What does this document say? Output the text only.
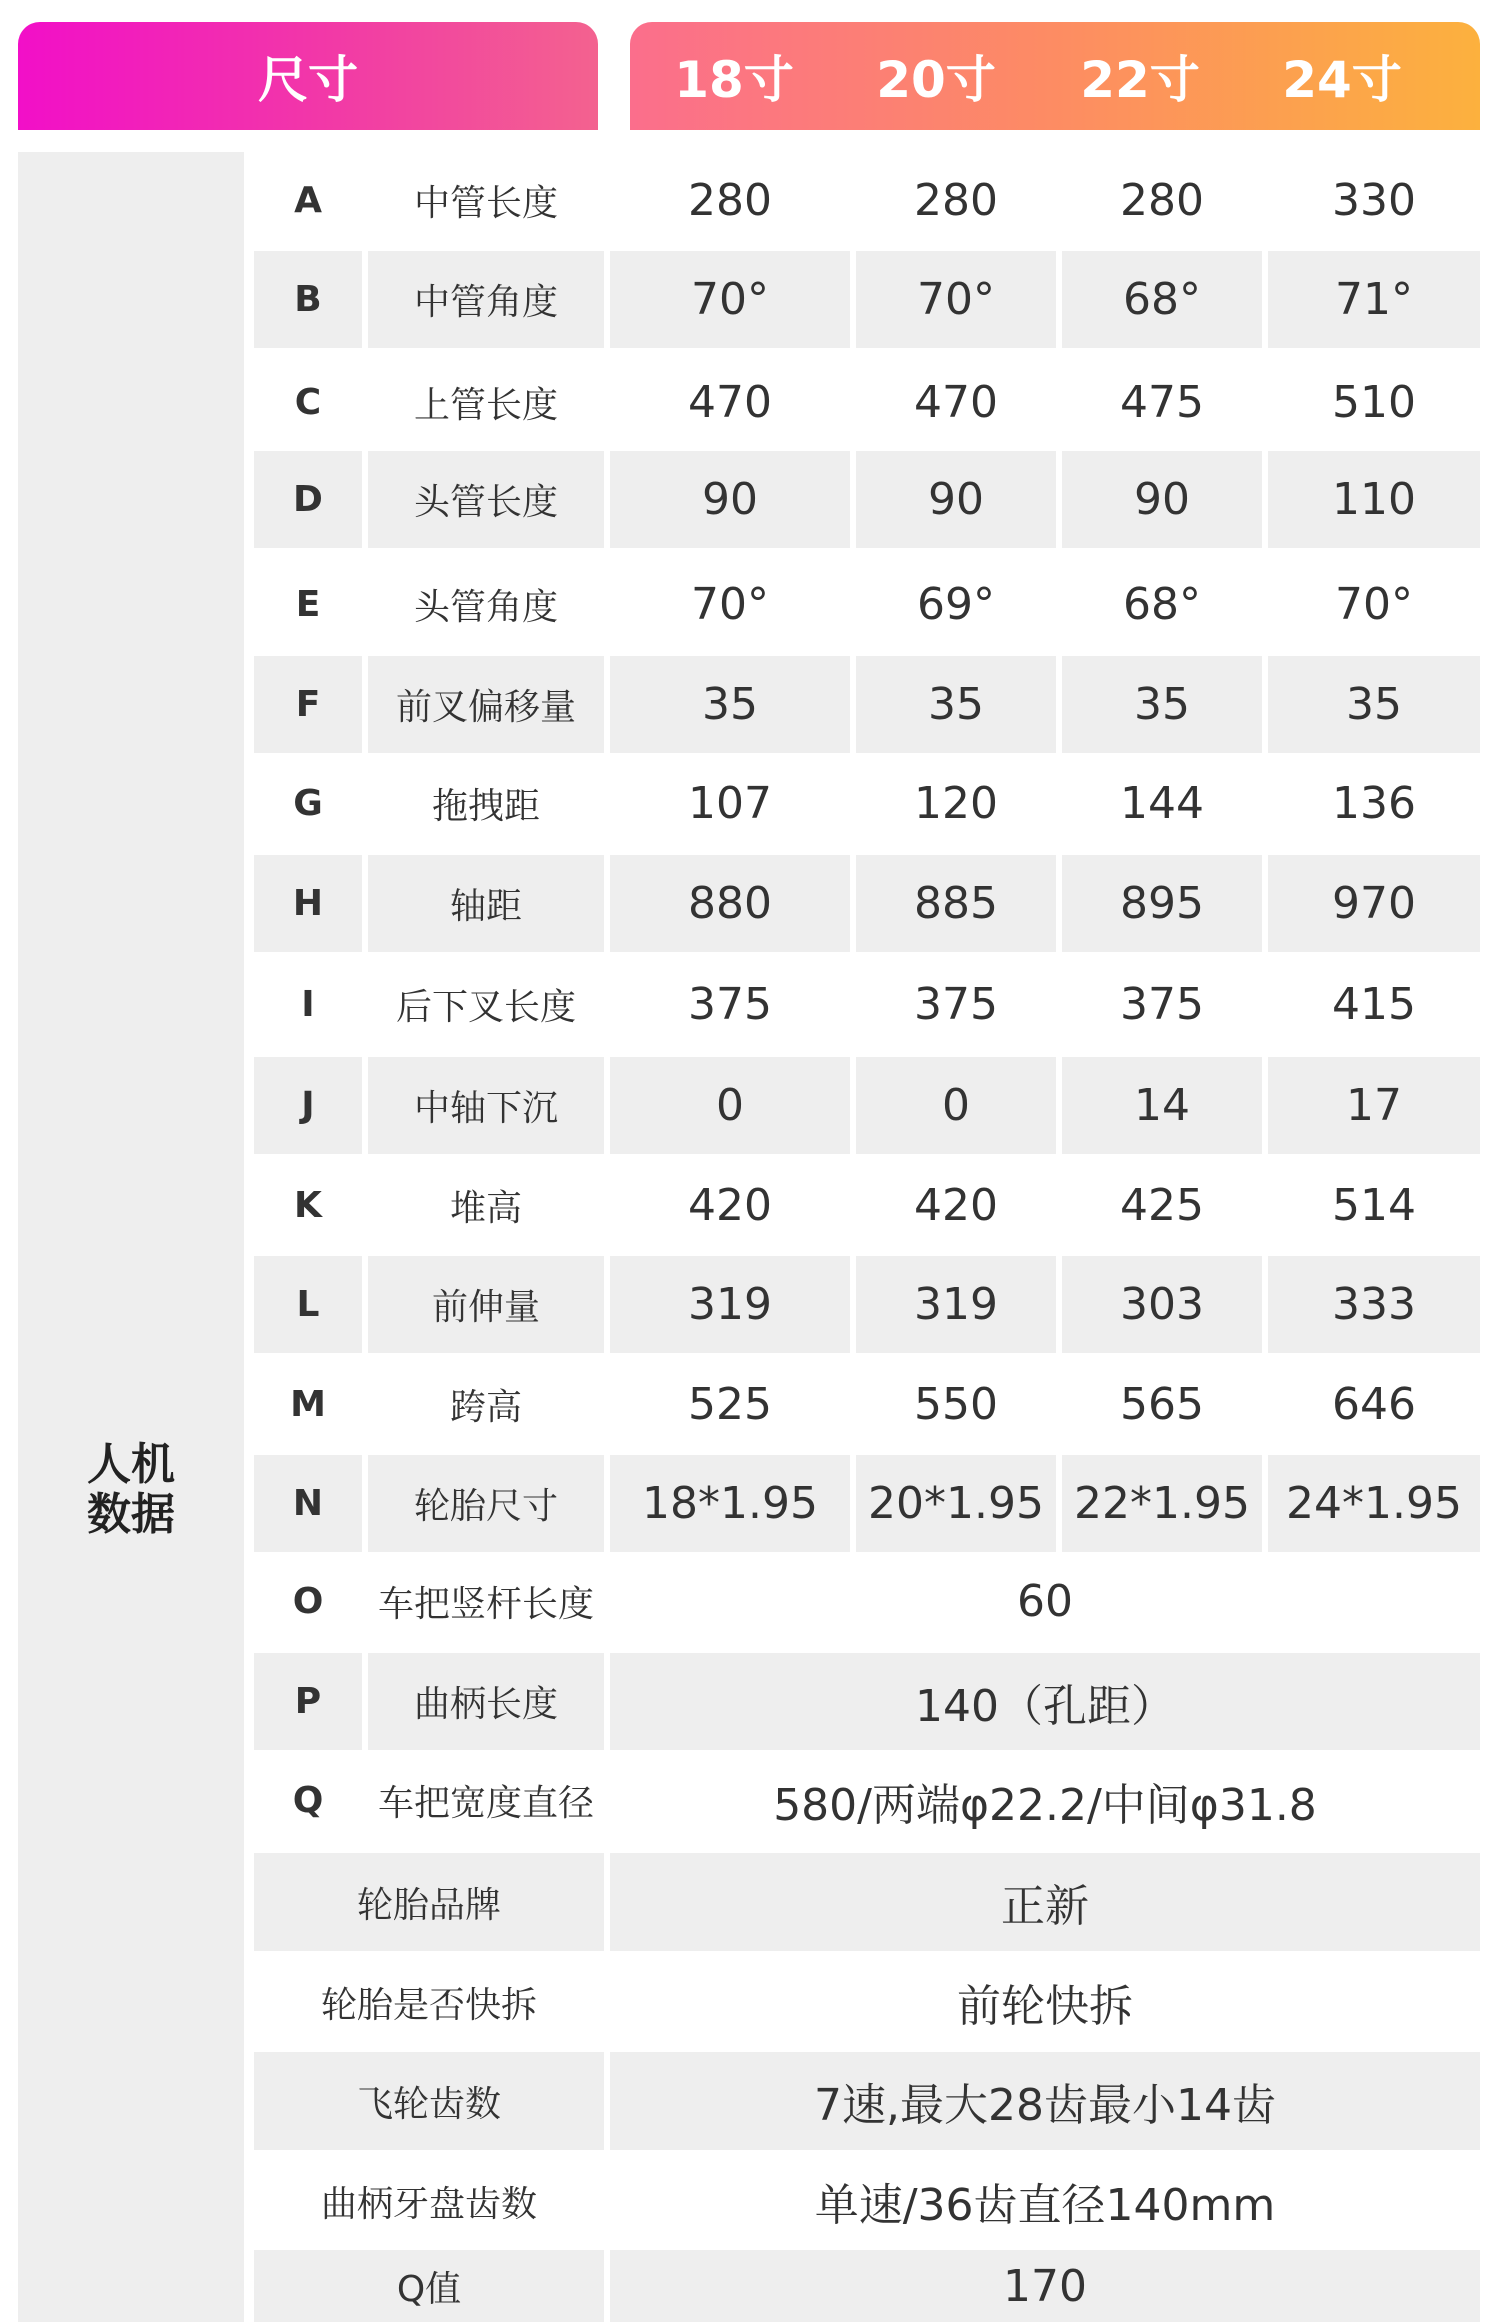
尺寸	18寸	20寸	22寸	24寸
人机
数据
A	中管长度	280	280	280	330
B	中管角度	70°	70°	68°	71°
C	上管长度	470	470	475	510
D	头管长度	90	90	90	110
E	头管角度	70°	69°	68°	70°
F	前叉偏移量	35	35	35	35
G	拖拽距	107	120	144	136
H	轴距	880	885	895	970
I	后下叉长度	375	375	375	415
J	中轴下沉	0	0	14	17
K	堆高	420	420	425	514
L	前伸量	319	319	303	333
M	跨高	525	550	565	646
N	轮胎尺寸	18*1.95	20*1.95 22*1.95 24*1.95
O	车把竖杆长度	60
P	曲柄长度	140（孔距）
Q	车把宽度直径	580/两端φ22.2/中间φ31.8
轮胎品牌	正新
轮胎是否快拆	前轮快拆
飞轮齿数	7速,最大28齿最小14齿
曲柄牙盘齿数	单速/36齿直径140mm
Q值	170
